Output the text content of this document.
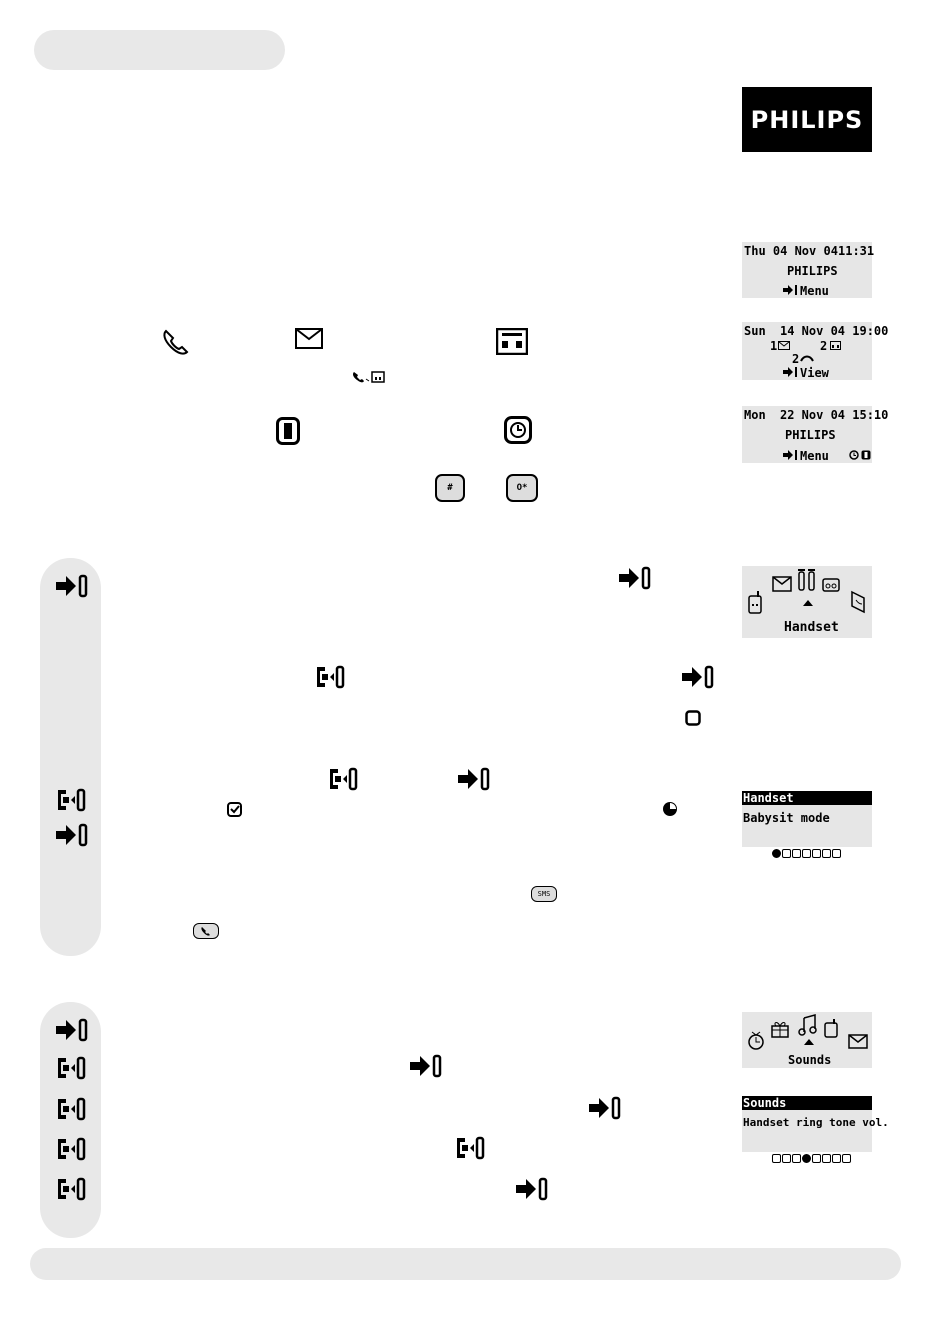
PHILIPS
Thu 04 Nov 04 11:31
PHILIPS
Menu
Sun 14 Nov 04 19:00
1	2
2
View
Mon 22 Nov 04 15:10
PHILIPS
Menu
Handset
Handset
Babysit mode

Sounds
Sounds
Handset ring tone vol.

#	O*
SMS
